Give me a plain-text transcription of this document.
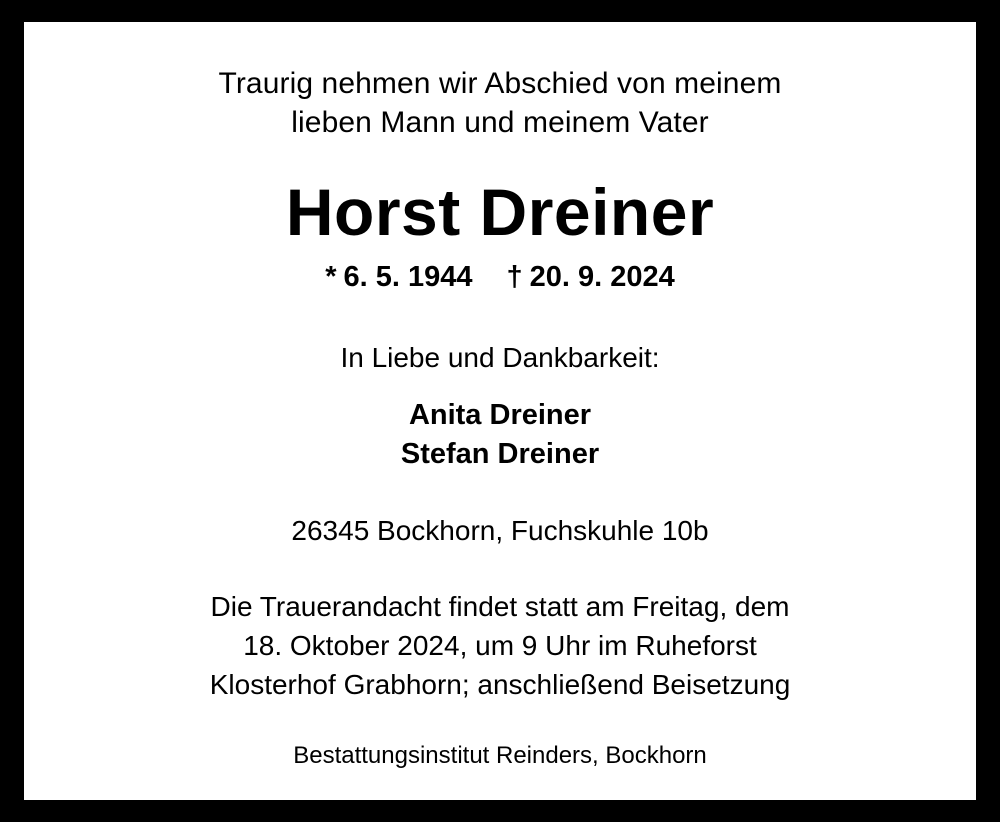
Traurig nehmen wir Abschied von meinem
lieben Mann und meinem Vater
Horst Dreiner
* 6. 5. 1944 † 20. 9. 2024
In Liebe und Dankbarkeit:
Anita Dreiner
Stefan Dreiner
26345 Bockhorn, Fuchskuhle 10b
Die Trauerandacht findet statt am Freitag, dem
18. Oktober 2024, um 9 Uhr im Ruheforst
Klosterhof Grabhorn; anschließend Beisetzung
Bestattungsinstitut Reinders, Bockhorn
